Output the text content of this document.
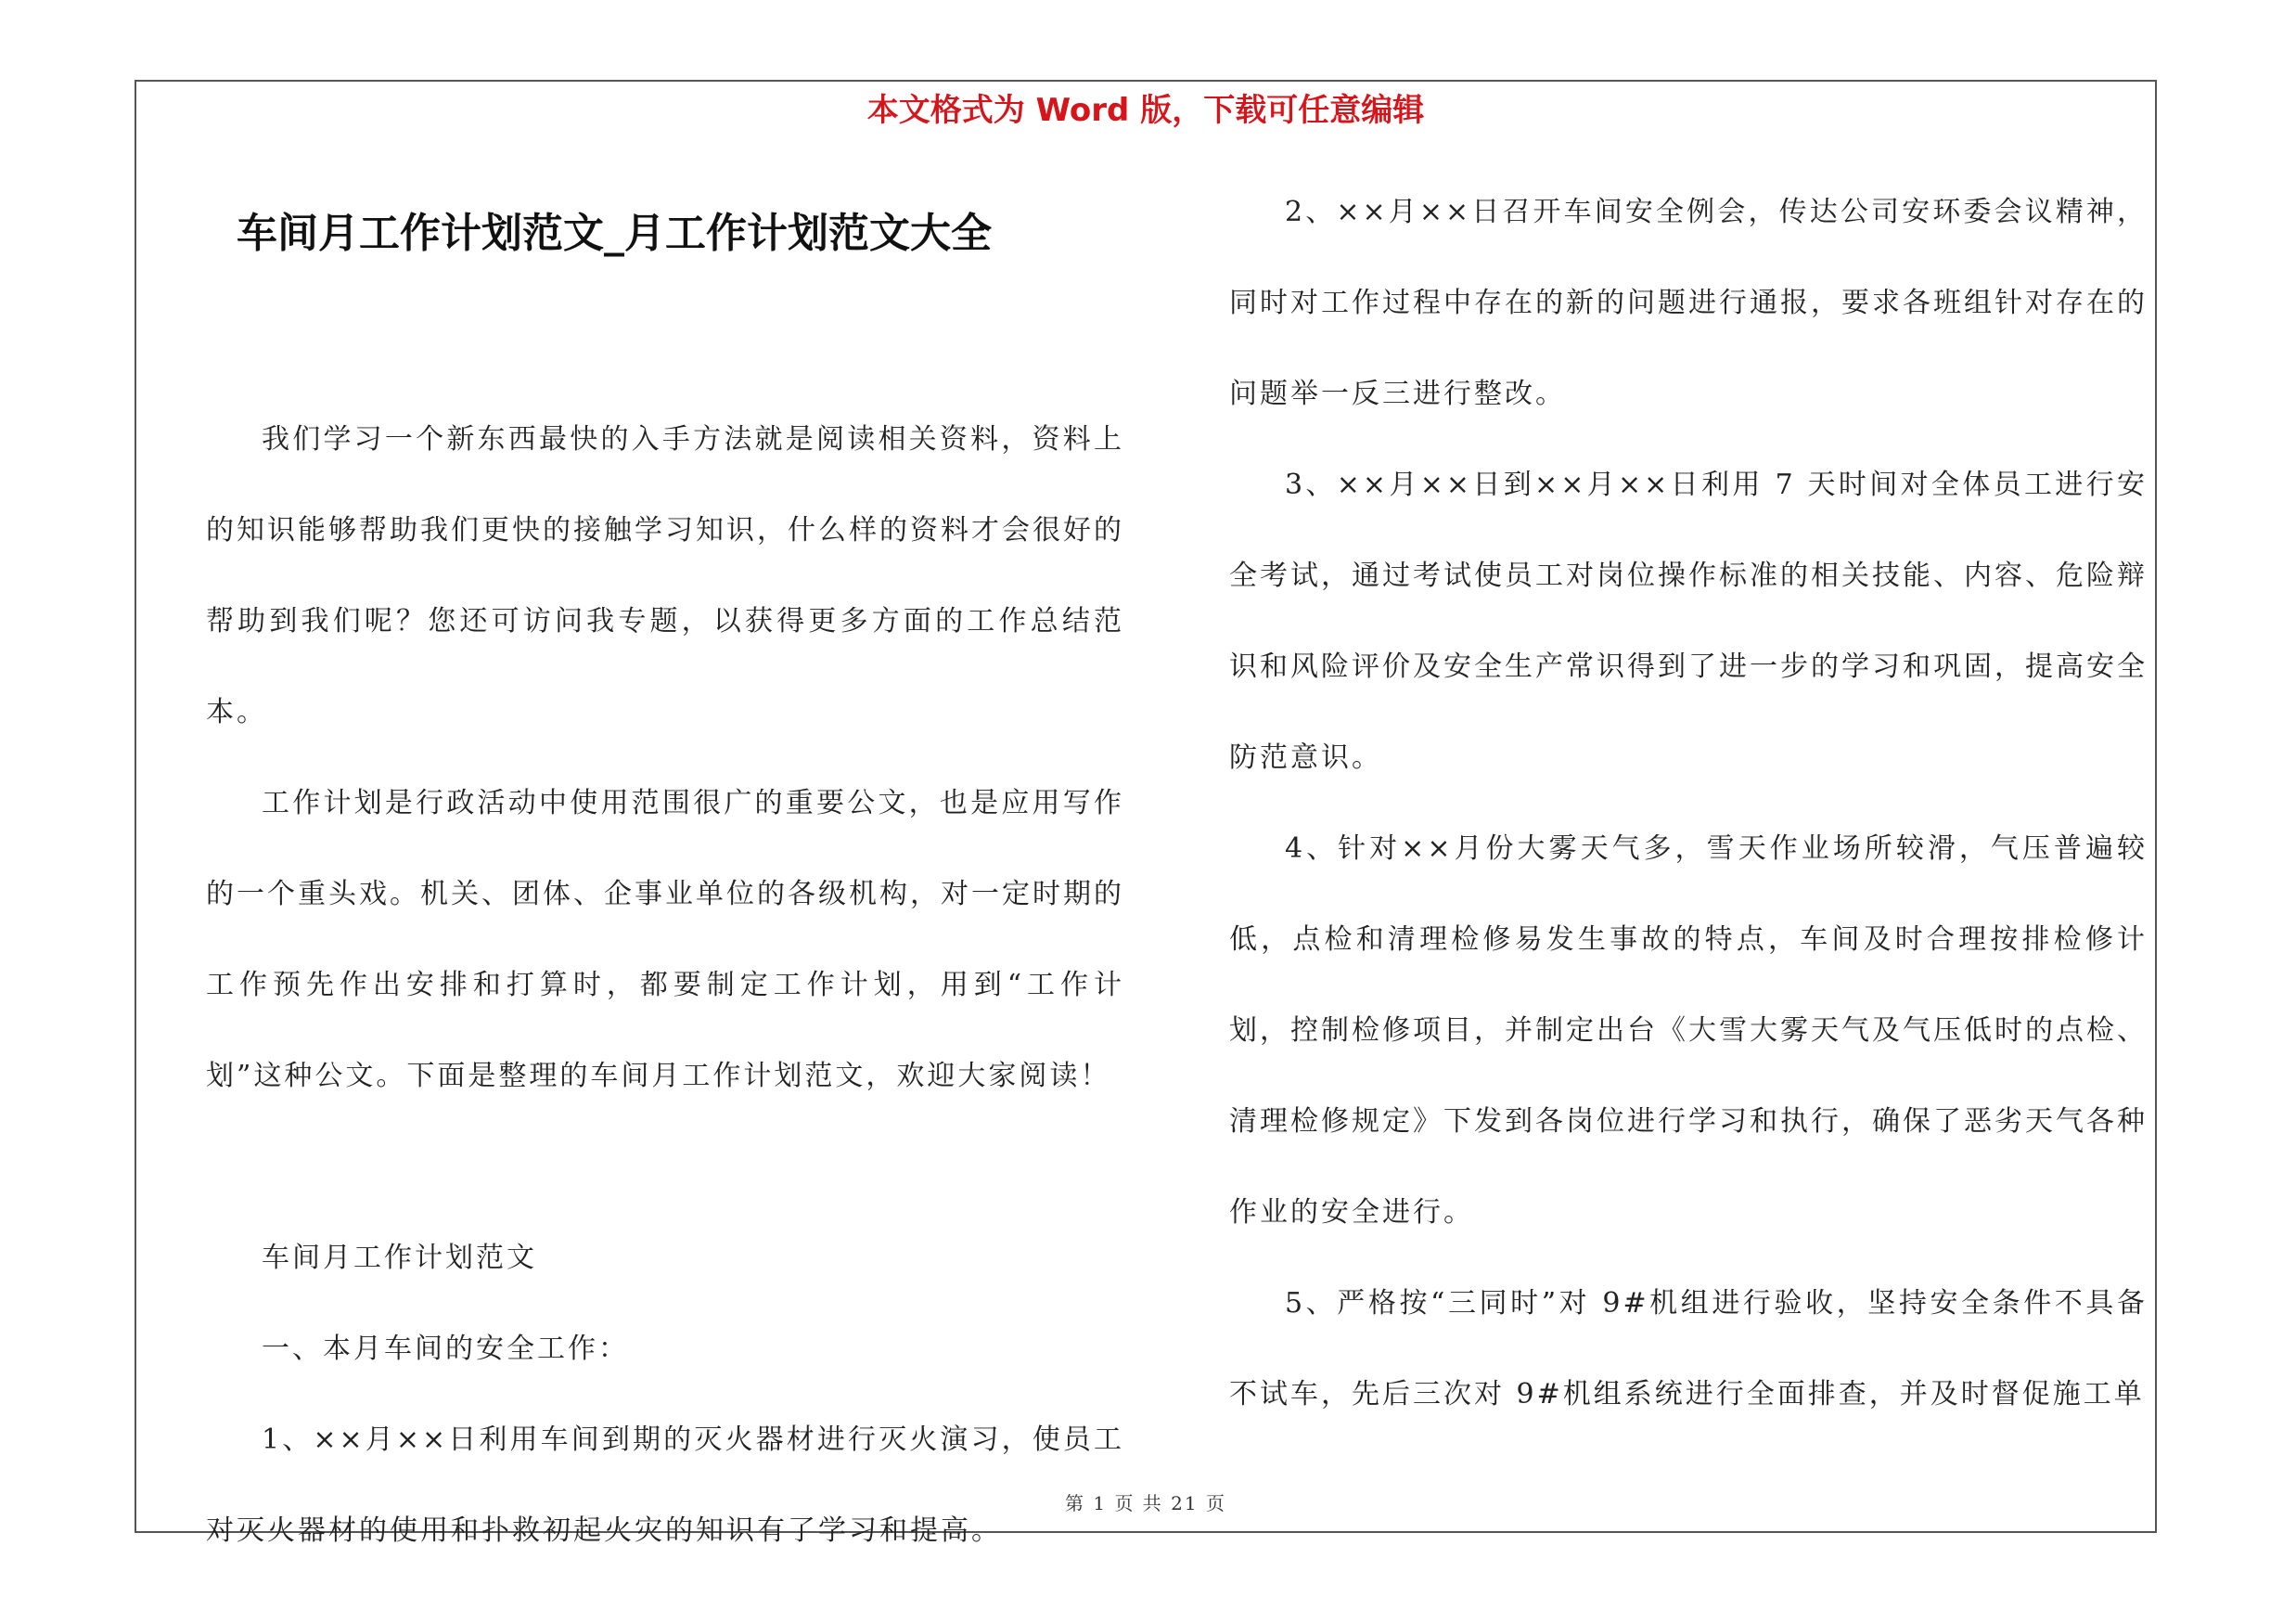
本文格式为 Word 版，下载可任意编辑
车间月工作计划范文_月工作计划范文大全

我们学习一个新东西最快的入手方法就是阅读相关资料，资料上的知识能够帮助我们更快的接触学习知识，什么样的资料才会很好的帮助到我们呢？您还可访问我专题，以获得更多方面的工作总结范本。

工作计划是行政活动中使用范围很广的重要公文，也是应用写作的一个重头戏。机关、团体、企事业单位的各级机构，对一定时期的工作预先作出安排和打算时，都要制定工作计划，用到“工作计划”这种公文。下面是整理的车间月工作计划范文，欢迎大家阅读！

车间月工作计划范文

一、本月车间的安全工作：

1、××月××日利用车间到期的灭火器材进行灭火演习，使员工对灭火器材的使用和扑救初起火灾的知识有了学习和提高。

2、××月××日召开车间安全例会，传达公司安环委会议精神，同时对工作过程中存在的新的问题进行通报，要求各班组针对存在的问题举一反三进行整改。

3、××月××日到××月××日利用 7 天时间对全体员工进行安全考试，通过考试使员工对岗位操作标准的相关技能、内容、危险辩识和风险评价及安全生产常识得到了进一步的学习和巩固，提高安全防范意识。

4、针对××月份大雾天气多，雪天作业场所较滑，气压普遍较低，点检和清理检修易发生事故的特点，车间及时合理按排检修计划，控制检修项目，并制定出台《大雪大雾天气及气压低时的点检、清理检修规定》下发到各岗位进行学习和执行，确保了恶劣天气各种作业的安全进行。

5、严格按“三同时”对 9#机组进行验收，坚持安全条件不具备不试车，先后三次对 9#机组系统进行全面排查，并及时督促施工单

第 1 页 共 21 页
